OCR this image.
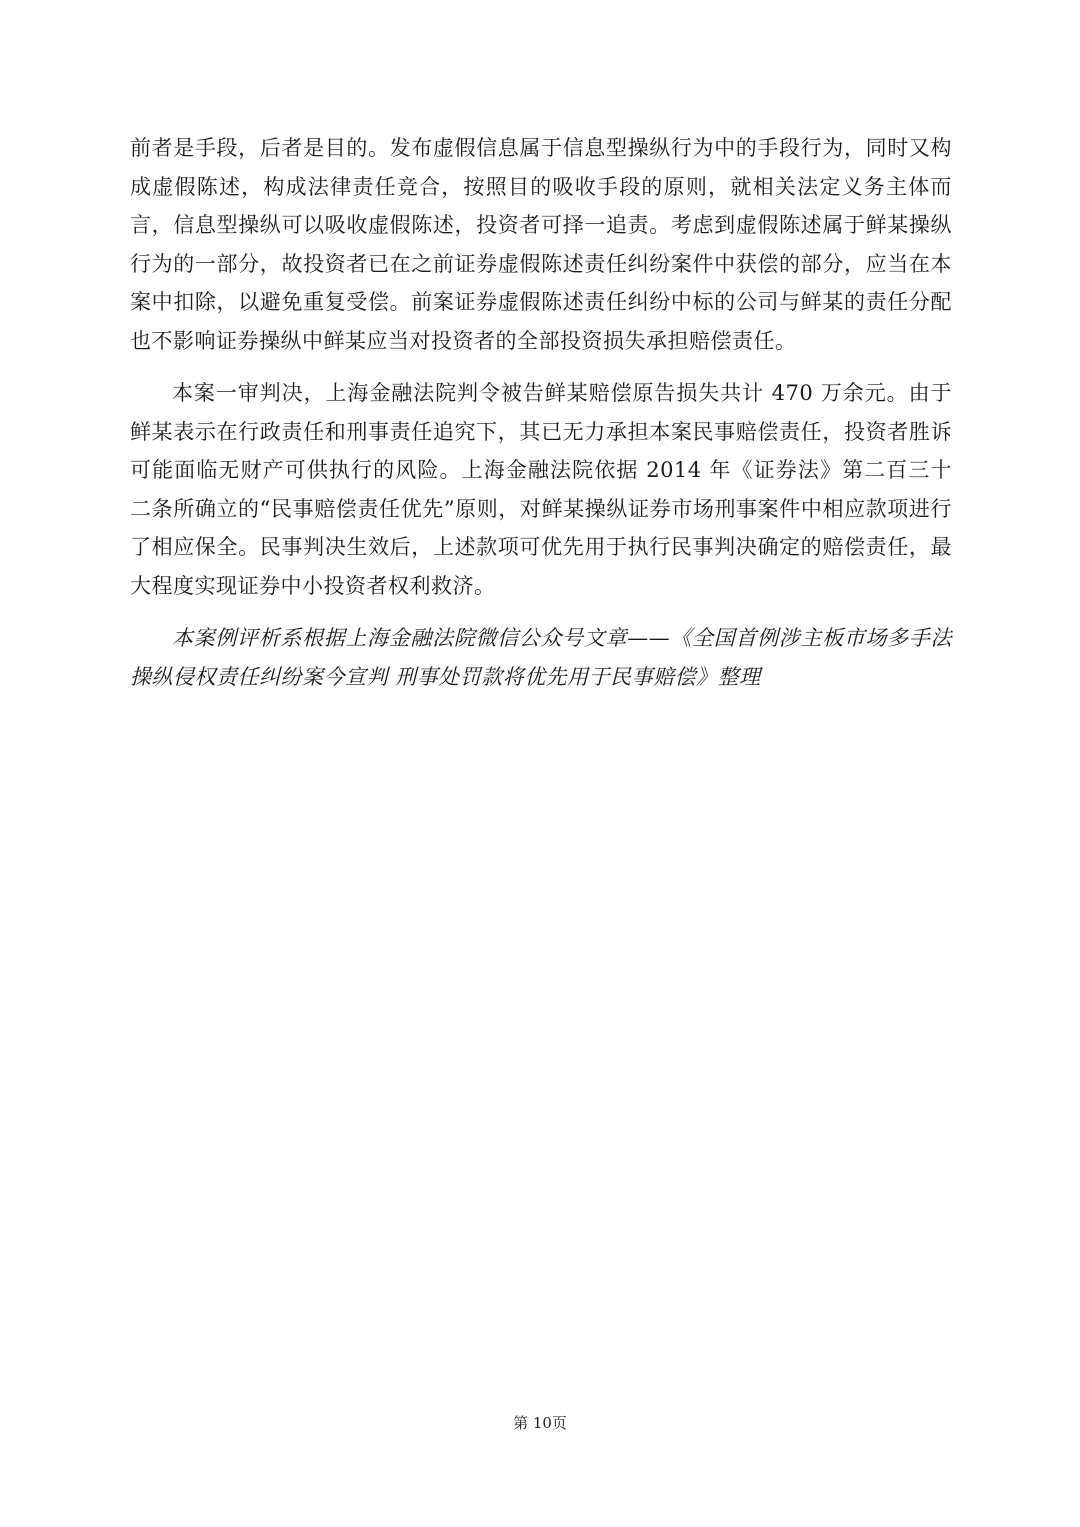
前者是手段，后者是目的。发布虚假信息属于信息型操纵行为中的手段行为，同时又构成虚假陈述，构成法律责任竞合，按照目的吸收手段的原则，就相关法定义务主体而言，信息型操纵可以吸收虚假陈述，投资者可择一追责。考虑到虚假陈述属于鲜某操纵行为的一部分，故投资者已在之前证券虚假陈述责任纠纷案件中获偿的部分，应当在本案中扣除，以避免重复受偿。前案证券虚假陈述责任纠纷中标的公司与鲜某的责任分配也不影响证券操纵中鲜某应当对投资者的全部投资损失承担赔偿责任。

本案一审判决，上海金融法院判令被告鲜某赔偿原告损失共计 470 万余元。由于鲜某表示在行政责任和刑事责任追究下，其已无力承担本案民事赔偿责任，投资者胜诉可能面临无财产可供执行的风险。上海金融法院依据 2014 年《证券法》第二百三十二条所确立的“民事赔偿责任优先”原则，对鲜某操纵证券市场刑事案件中相应款项进行了相应保全。民事判决生效后，上述款项可优先用于执行民事判决确定的赔偿责任，最大程度实现证券中小投资者权利救济。

本案例评析系根据上海金融法院微信公众号文章——《全国首例涉主板市场多手法操纵侵权责任纠纷案今宣判 刑事处罚款将优先用于民事赔偿》整理

第 10页
